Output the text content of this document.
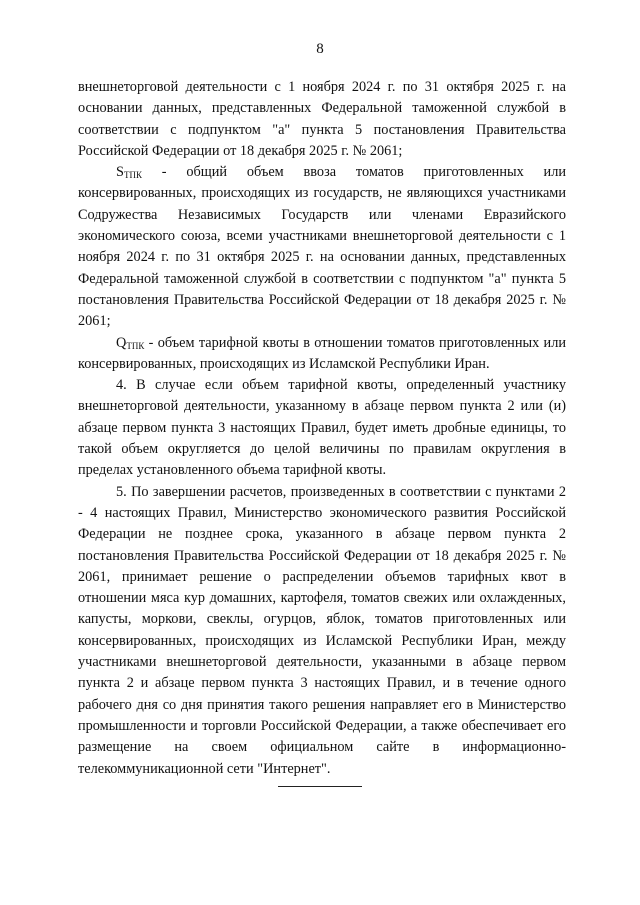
8

внешнеторговой деятельности с 1 ноября 2024 г. по 31 октября 2025 г. на основании данных, представленных Федеральной таможенной службой в соответствии с подпунктом "а" пункта 5 постановления Правительства Российской Федерации от 18 декабря 2025 г. № 2061;

$S_{ТПК}$ - общий объем ввоза томатов приготовленных или консервированных, происходящих из государств, не являющихся участниками Содружества Независимых Государств или членами Евразийского экономического союза, всеми участниками внешнеторговой деятельности с 1 ноября 2024 г. по 31 октября 2025 г. на основании данных, представленных Федеральной таможенной службой в соответствии с подпунктом "а" пункта 5 постановления Правительства Российской Федерации от 18 декабря 2025 г. № 2061;

$Q_{ТПК}$ - объем тарифной квоты в отношении томатов приготовленных или консервированных, происходящих из Исламской Республики Иран.

4. В случае если объем тарифной квоты, определенный участнику внешнеторговой деятельности, указанному в абзаце первом пункта 2 или (и) абзаце первом пункта 3 настоящих Правил, будет иметь дробные единицы, то такой объем округляется до целой величины по правилам округления в пределах установленного объема тарифной квоты.

5. По завершении расчетов, произведенных в соответствии с пунктами 2 - 4 настоящих Правил, Министерство экономического развития Российской Федерации не позднее срока, указанного в абзаце первом пункта 2 постановления Правительства Российской Федерации от 18 декабря 2025 г. № 2061, принимает решение о распределении объемов тарифных квот в отношении мяса кур домашних, картофеля, томатов свежих или охлажденных, капусты, моркови, свеклы, огурцов, яблок, томатов приготовленных или консервированных, происходящих из Исламской Республики Иран, между участниками внешнеторговой деятельности, указанными в абзаце первом пункта 2 и абзаце первом пункта 3 настоящих Правил, и в течение одного рабочего дня со дня принятия такого решения направляет его в Министерство промышленности и торговли Российской Федерации, а также обеспечивает его размещение на своем официальном сайте в информационно-телекоммуникационной сети "Интернет".
